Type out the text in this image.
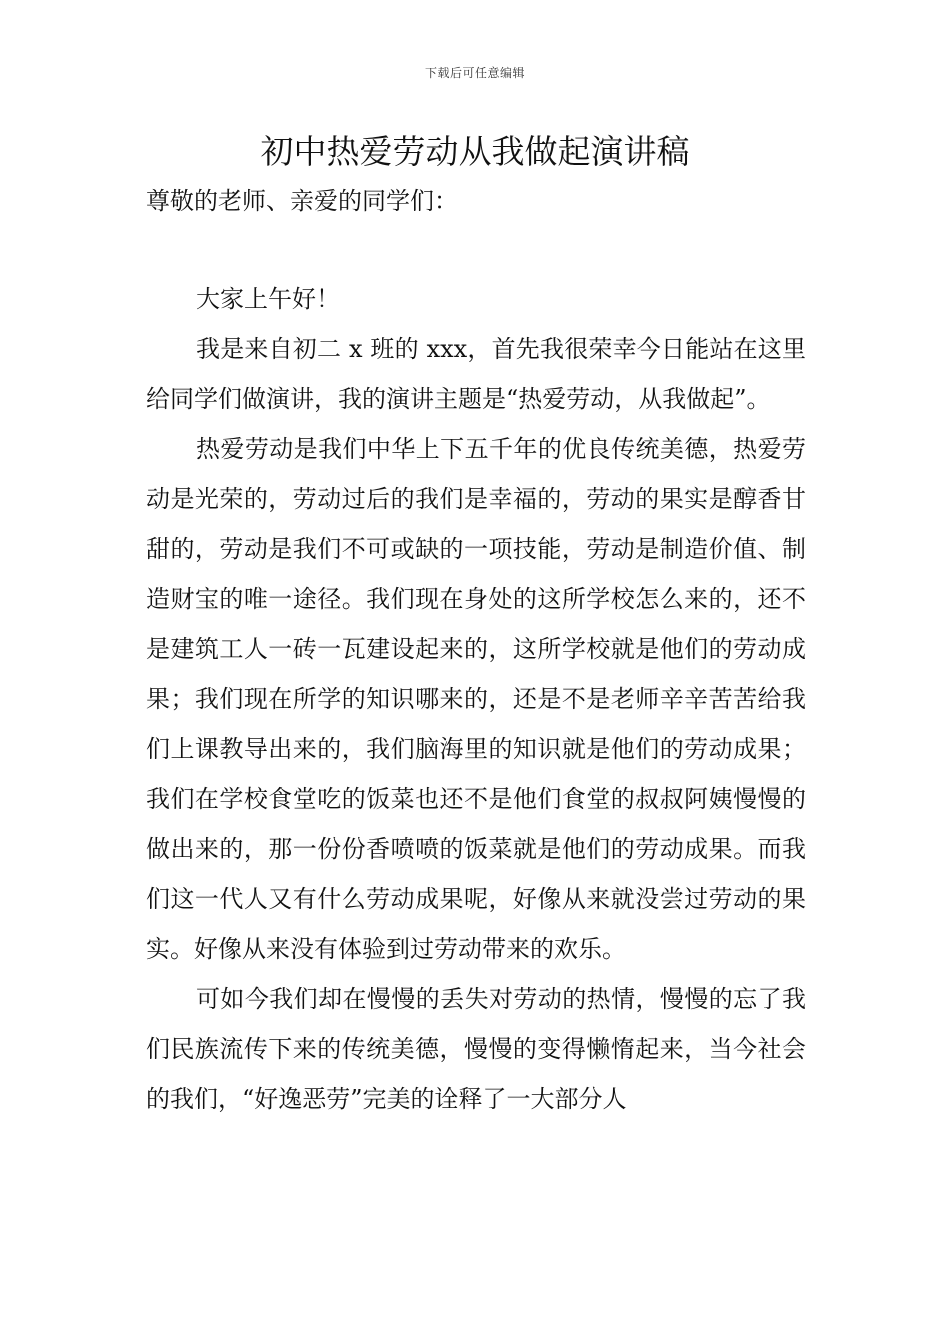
下载后可任意编辑
初中热爱劳动从我做起演讲稿

尊敬的老师、亲爱的同学们：

大家上午好！

我是来自初二 x 班的 xxx，首先我很荣幸今日能站在这里给同学们做演讲，我的演讲主题是“热爱劳动，从我做起”。

热爱劳动是我们中华上下五千年的优良传统美德，热爱劳动是光荣的，劳动过后的我们是幸福的，劳动的果实是醇香甘甜的，劳动是我们不可或缺的一项技能，劳动是制造价值、制造财宝的唯一途径。我们现在身处的这所学校怎么来的，还不是建筑工人一砖一瓦建设起来的，这所学校就是他们的劳动成果；我们现在所学的知识哪来的，还是不是老师辛辛苦苦给我们上课教导出来的，我们脑海里的知识就是他们的劳动成果；我们在学校食堂吃的饭菜也还不是他们食堂的叔叔阿姨慢慢的做出来的，那一份份香喷喷的饭菜就是他们的劳动成果。而我们这一代人又有什么劳动成果呢，好像从来就没尝过劳动的果实。好像从来没有体验到过劳动带来的欢乐。

可如今我们却在慢慢的丢失对劳动的热情，慢慢的忘了我们民族流传下来的传统美德，慢慢的变得懒惰起来，当今社会的我们，“好逸恶劳”完美的诠释了一大部分人
